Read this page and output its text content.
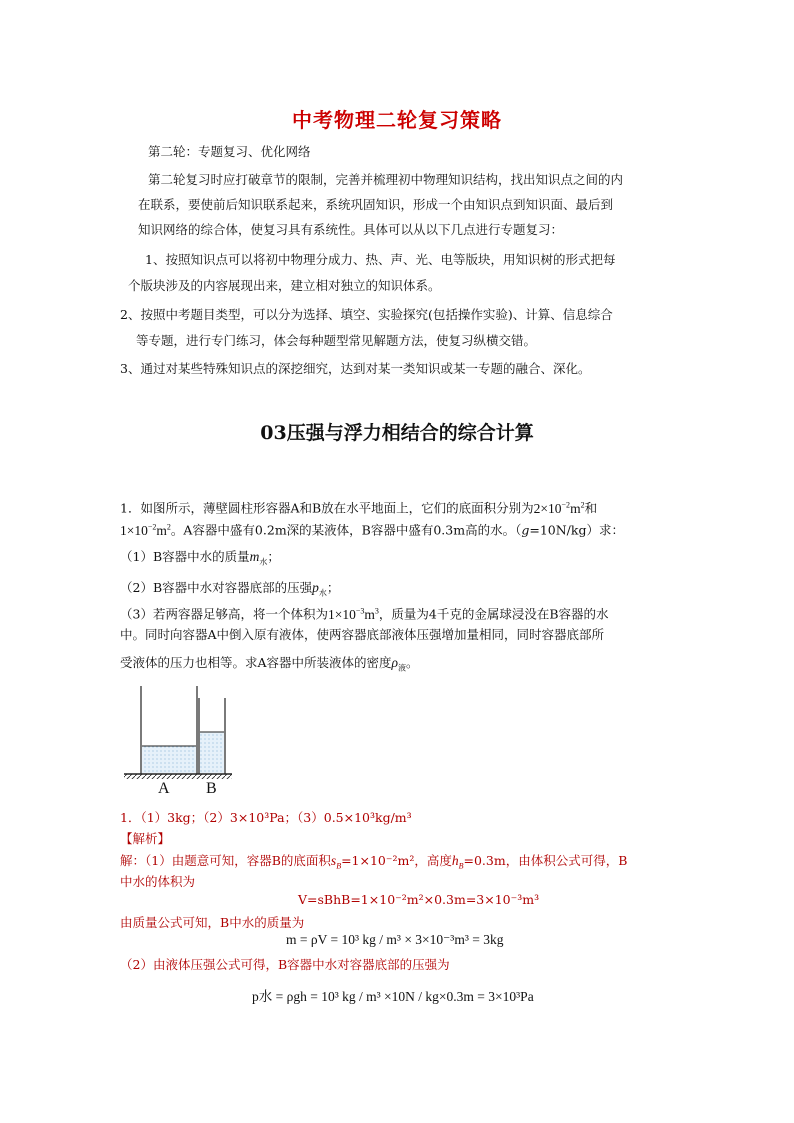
中考物理二轮复习策略
第二轮：专题复习、优化网络
第二轮复习时应打破章节的限制，完善并梳理初中物理知识结构，找出知识点之间的内
在联系，要使前后知识联系起来，系统巩固知识，形成一个由知识点到知识面、最后到
知识网络的综合体，使复习具有系统性。具体可以从以下几点进行专题复习：
1、按照知识点可以将初中物理分成力、热、声、光、电等版块，用知识树的形式把每
个版块涉及的内容展现出来，建立相对独立的知识体系。
2、按照中考题目类型，可以分为选择、填空、实验探究(包括操作实验)、计算、信息综合
等专题，进行专门练习，体会每种题型常见解题方法，使复习纵横交错。
3、通过对某些特殊知识点的深挖细究，达到对某一类知识或某一专题的融合、深化。
03压强与浮力相结合的综合计算
1．如图所示，薄壁圆柱形容器A和B放在水平地面上，它们的底面积分别为$2\times 10^{-2}m^2$和
$1\times 10^{-2}m^2$。A容器中盛有0.2m深的某液体，B容器中盛有0.3m高的水。（g=10N/kg）求：
（1）B容器中水的质量$m_水$；
（2）B容器中水对容器底部的压强$p_水$；
（3）若两容器足够高，将一个体积为$1\times 10^{-3}m^3$，质量为4千克的金属球浸没在B容器的水
中。同时向容器A中倒入原有液体，使两容器底部液体压强增加量相同，同时容器底部所
受液体的压力也相等。求A容器中所装液体的密度$\rho_液$。
A B
1．（1）3kg；（2）3×10³Pa；（3）0.5×10³kg/m³
【解析】
解：（1）由题意可知，容器B的底面积$s_B=1\times 10^{-2}m^2$，高度$h_B=0.3m$，由体积公式可得，B
中水的体积为
V=sBhB=1×10⁻²m²×0.3m=3×10⁻³m³
由质量公式可知，B中水的质量为
m = ρV = 10³ kg / m³ × 3×10⁻³m³ = 3kg
（2）由液体压强公式可得，B容器中水对容器底部的压强为
p水 = ρgh = 10³ kg / m³ ×10N / kg×0.3m = 3×10³Pa
